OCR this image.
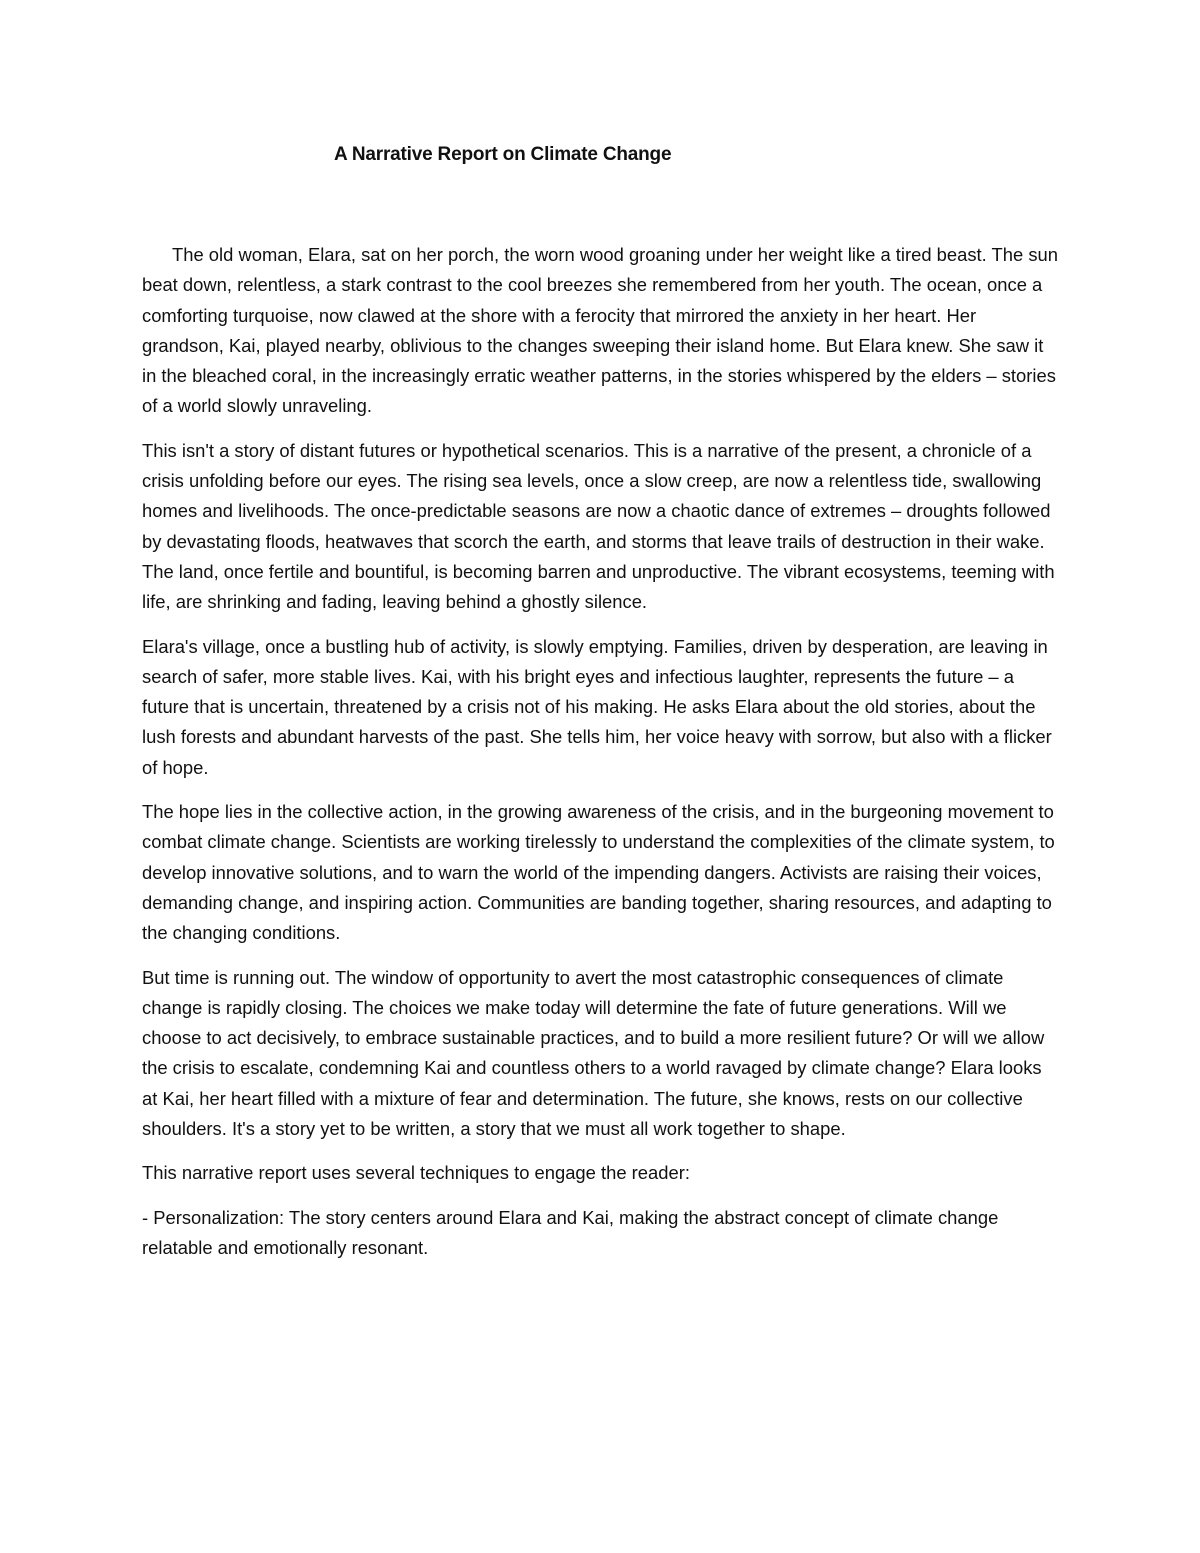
A Narrative Report on Climate Change

The old woman, Elara, sat on her porch, the worn wood groaning under her weight like a tired beast. The sun beat down, relentless, a stark contrast to the cool breezes she remembered from her youth. The ocean, once a comforting turquoise, now clawed at the shore with a ferocity that mirrored the anxiety in her heart. Her grandson, Kai, played nearby, oblivious to the changes sweeping their island home. But Elara knew. She saw it in the bleached coral, in the increasingly erratic weather patterns, in the stories whispered by the elders – stories of a world slowly unraveling.

This isn't a story of distant futures or hypothetical scenarios. This is a narrative of the present, a chronicle of a crisis unfolding before our eyes. The rising sea levels, once a slow creep, are now a relentless tide, swallowing homes and livelihoods. The once-predictable seasons are now a chaotic dance of extremes – droughts followed by devastating floods, heatwaves that scorch the earth, and storms that leave trails of destruction in their wake. The land, once fertile and bountiful, is becoming barren and unproductive. The vibrant ecosystems, teeming with life, are shrinking and fading, leaving behind a ghostly silence.

Elara's village, once a bustling hub of activity, is slowly emptying. Families, driven by desperation, are leaving in search of safer, more stable lives. Kai, with his bright eyes and infectious laughter, represents the future – a future that is uncertain, threatened by a crisis not of his making. He asks Elara about the old stories, about the lush forests and abundant harvests of the past. She tells him, her voice heavy with sorrow, but also with a flicker of hope.

The hope lies in the collective action, in the growing awareness of the crisis, and in the burgeoning movement to combat climate change. Scientists are working tirelessly to understand the complexities of the climate system, to develop innovative solutions, and to warn the world of the impending dangers. Activists are raising their voices, demanding change, and inspiring action. Communities are banding together, sharing resources, and adapting to the changing conditions.

But time is running out. The window of opportunity to avert the most catastrophic consequences of climate change is rapidly closing. The choices we make today will determine the fate of future generations. Will we choose to act decisively, to embrace sustainable practices, and to build a more resilient future? Or will we allow the crisis to escalate, condemning Kai and countless others to a world ravaged by climate change? Elara looks at Kai, her heart filled with a mixture of fear and determination. The future, she knows, rests on our collective shoulders. It's a story yet to be written, a story that we must all work together to shape.

This narrative report uses several techniques to engage the reader:

- Personalization: The story centers around Elara and Kai, making the abstract concept of climate change relatable and emotionally resonant.
